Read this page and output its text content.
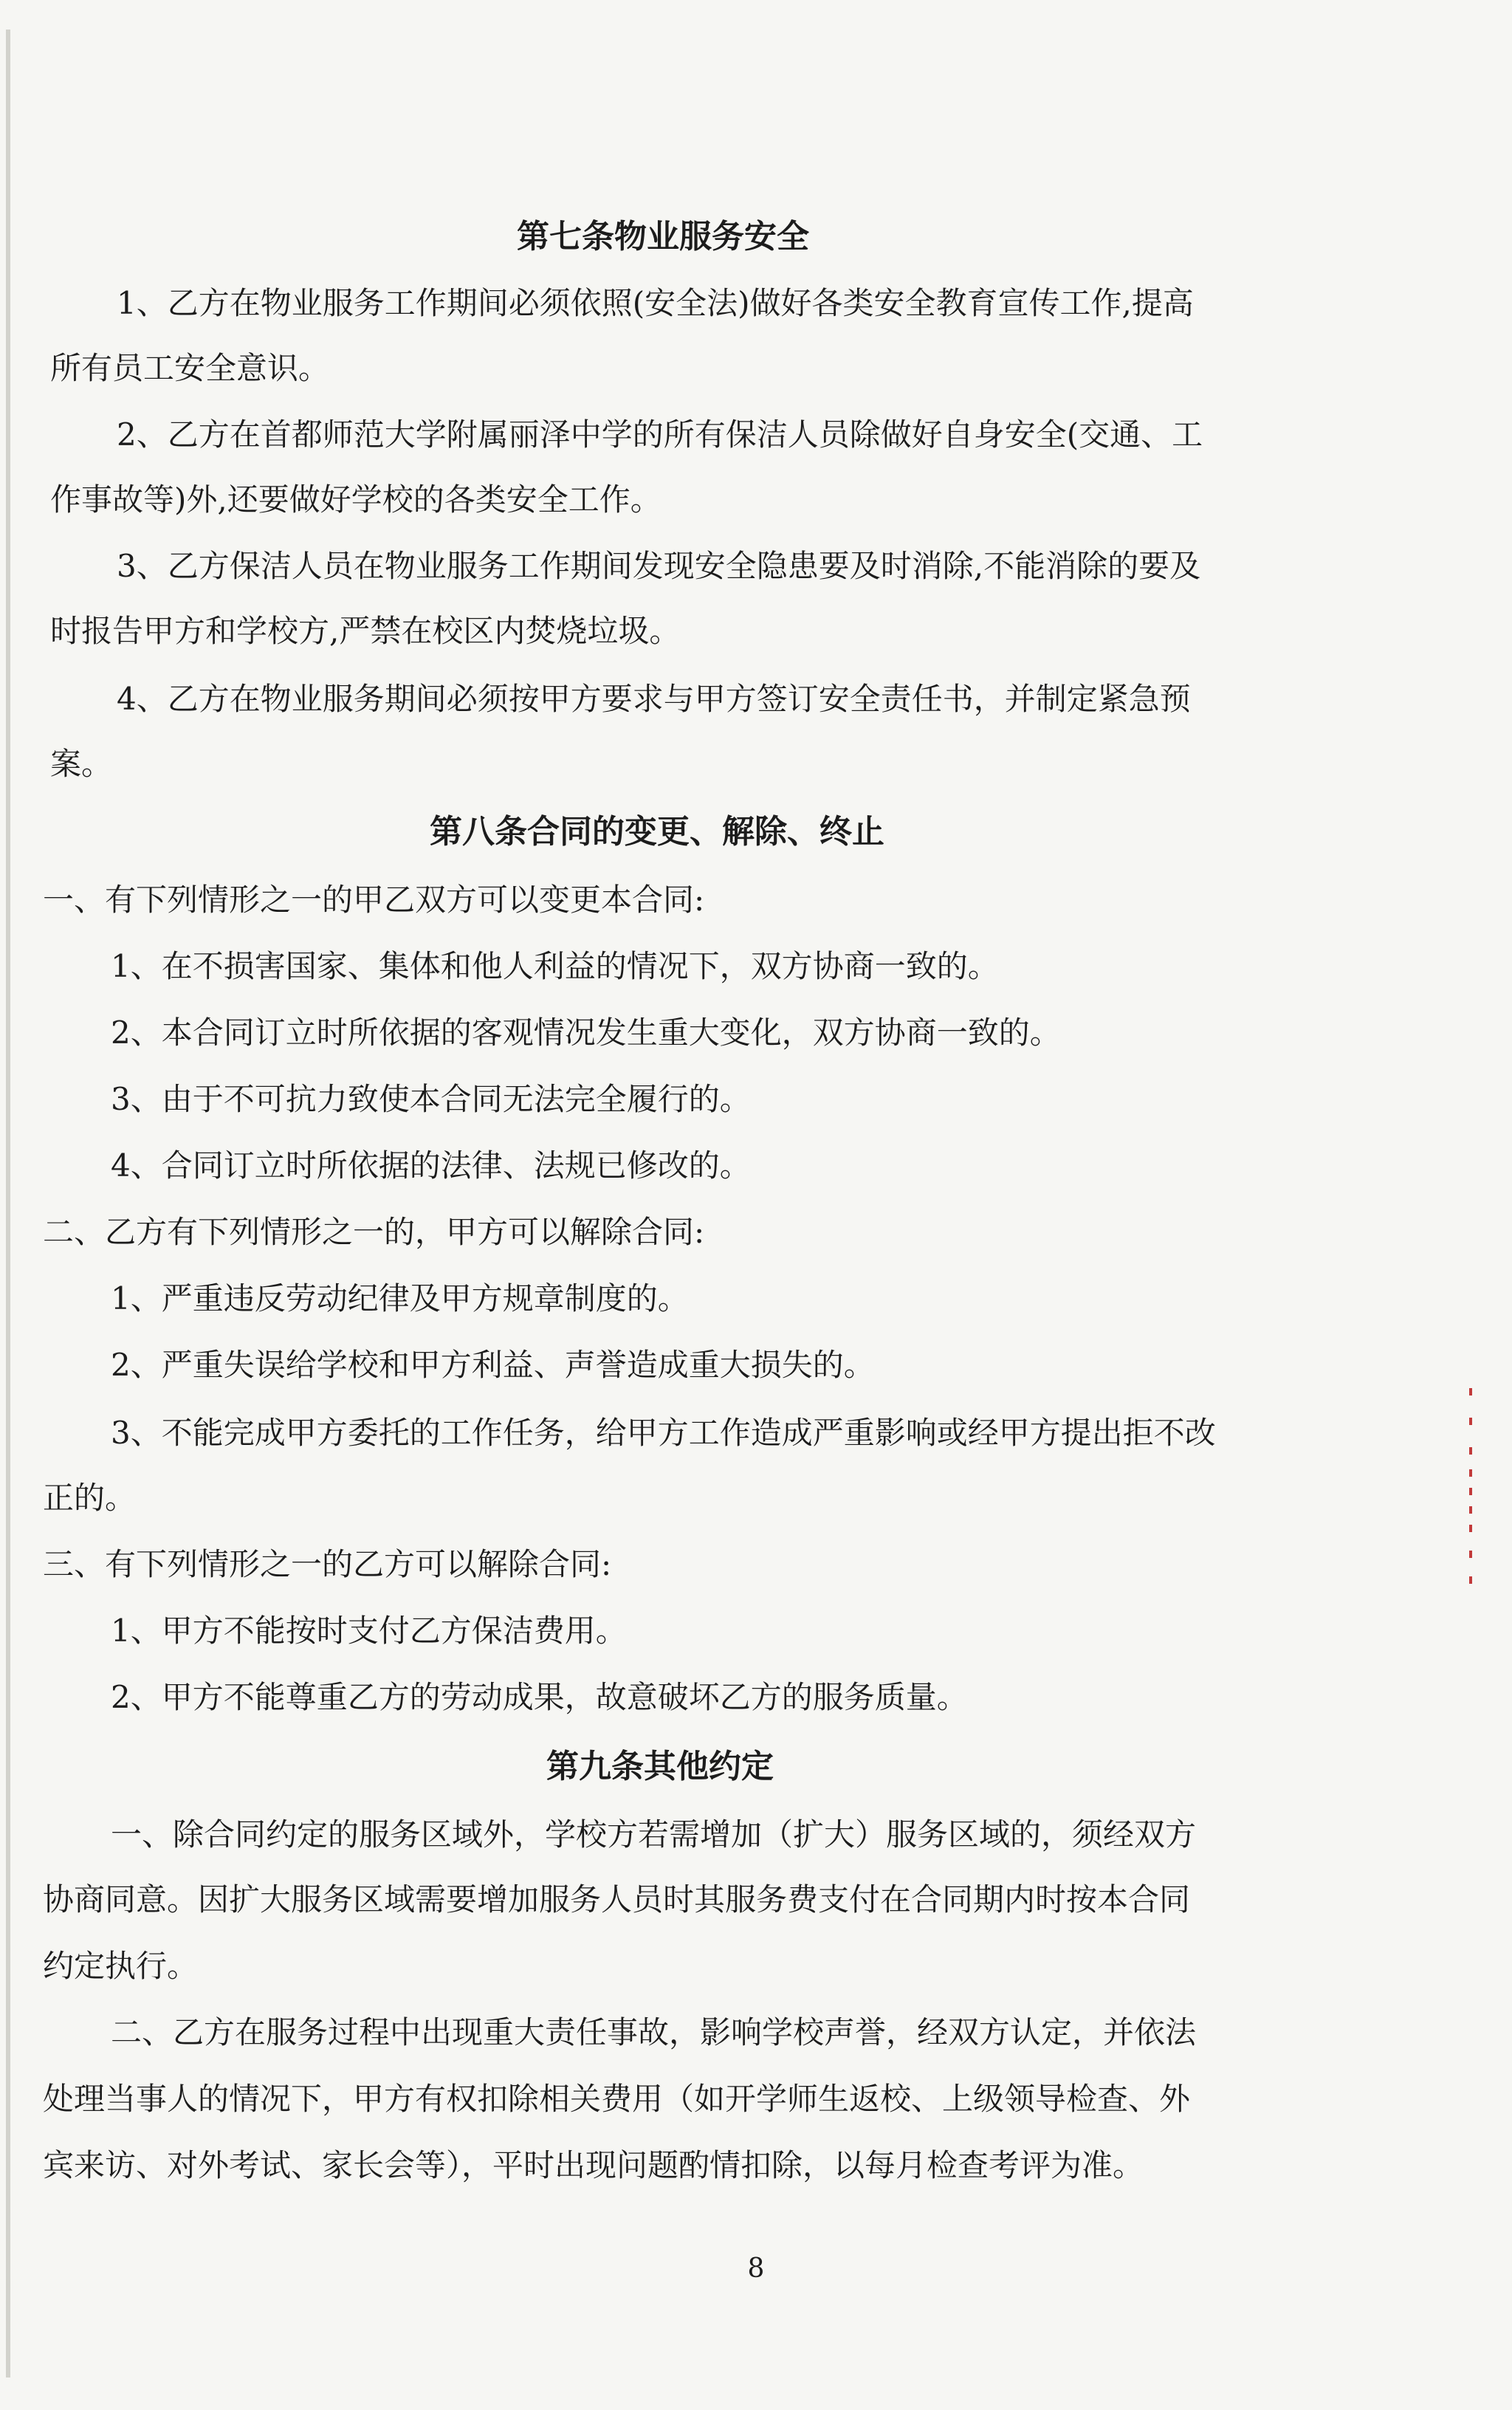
第七条物业服务安全
1、乙方在物业服务工作期间必须依照(安全法)做好各类安全教育宣传工作,提高
所有员工安全意识。
2、乙方在首都师范大学附属丽泽中学的所有保洁人员除做好自身安全(交通、工
作事故等)外,还要做好学校的各类安全工作。
3、乙方保洁人员在物业服务工作期间发现安全隐患要及时消除,不能消除的要及
时报告甲方和学校方,严禁在校区内焚烧垃圾。
4、乙方在物业服务期间必须按甲方要求与甲方签订安全责任书，并制定紧急预
案。
第八条合同的变更、解除、终止
一、有下列情形之一的甲乙双方可以变更本合同:
1、在不损害国家、集体和他人利益的情况下，双方协商一致的。
2、本合同订立时所依据的客观情况发生重大变化，双方协商一致的。
3、由于不可抗力致使本合同无法完全履行的。
4、合同订立时所依据的法律、法规已修改的。
二、乙方有下列情形之一的，甲方可以解除合同:
1、严重违反劳动纪律及甲方规章制度的。
2、严重失误给学校和甲方利益、声誉造成重大损失的。
3、不能完成甲方委托的工作任务，给甲方工作造成严重影响或经甲方提出拒不改
正的。
三、有下列情形之一的乙方可以解除合同:
1、甲方不能按时支付乙方保洁费用。
2、甲方不能尊重乙方的劳动成果，故意破坏乙方的服务质量。
第九条其他约定
一、除合同约定的服务区域外，学校方若需增加（扩大）服务区域的，须经双方
协商同意。因扩大服务区域需要增加服务人员时其服务费支付在合同期内时按本合同
约定执行。
二、乙方在服务过程中出现重大责任事故，影响学校声誉，经双方认定，并依法
处理当事人的情况下，甲方有权扣除相关费用（如开学师生返校、上级领导检查、外
宾来访、对外考试、家长会等），平时出现问题酌情扣除，以每月检查考评为准。
8
